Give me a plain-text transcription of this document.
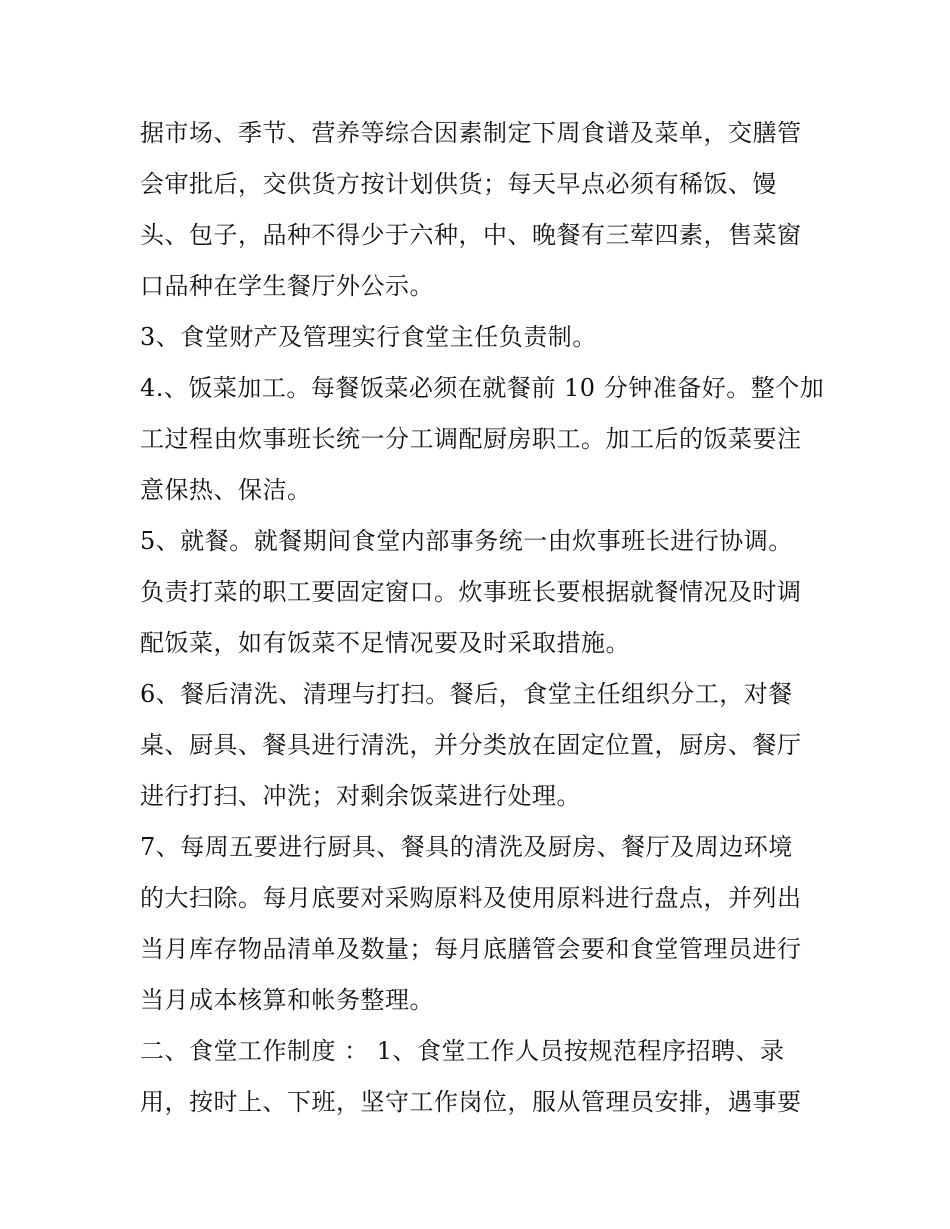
据市场、季节、营养等综合因素制定下周食谱及菜单，交膳管
会审批后，交供货方按计划供货；每天早点必须有稀饭、馒
头、包子，品种不得少于六种，中、晚餐有三荤四素，售菜窗
口品种在学生餐厅外公示。

3、食堂财产及管理实行食堂主任负责制。

4.、饭菜加工。每餐饭菜必须在就餐前 10 分钟准备好。整个加
工过程由炊事班长统一分工调配厨房职工。加工后的饭菜要注
意保热、保洁。

5、就餐。就餐期间食堂内部事务统一由炊事班长进行协调。
负责打菜的职工要固定窗口。炊事班长要根据就餐情况及时调
配饭菜，如有饭菜不足情况要及时采取措施。

6、餐后清洗、清理与打扫。餐后，食堂主任组织分工，对餐
桌、厨具、餐具进行清洗，并分类放在固定位置，厨房、餐厅
进行打扫、冲洗；对剩余饭菜进行处理。

7、每周五要进行厨具、餐具的清洗及厨房、餐厅及周边环境
的大扫除。每月底要对采购原料及使用原料进行盘点，并列出
当月库存物品清单及数量；每月底膳管会要和食堂管理员进行
当月成本核算和帐务整理。

二、食堂工作制度 ： 1、食堂工作人员按规范程序招聘、录
用，按时上、下班，坚守工作岗位，服从管理员安排，遇事要
